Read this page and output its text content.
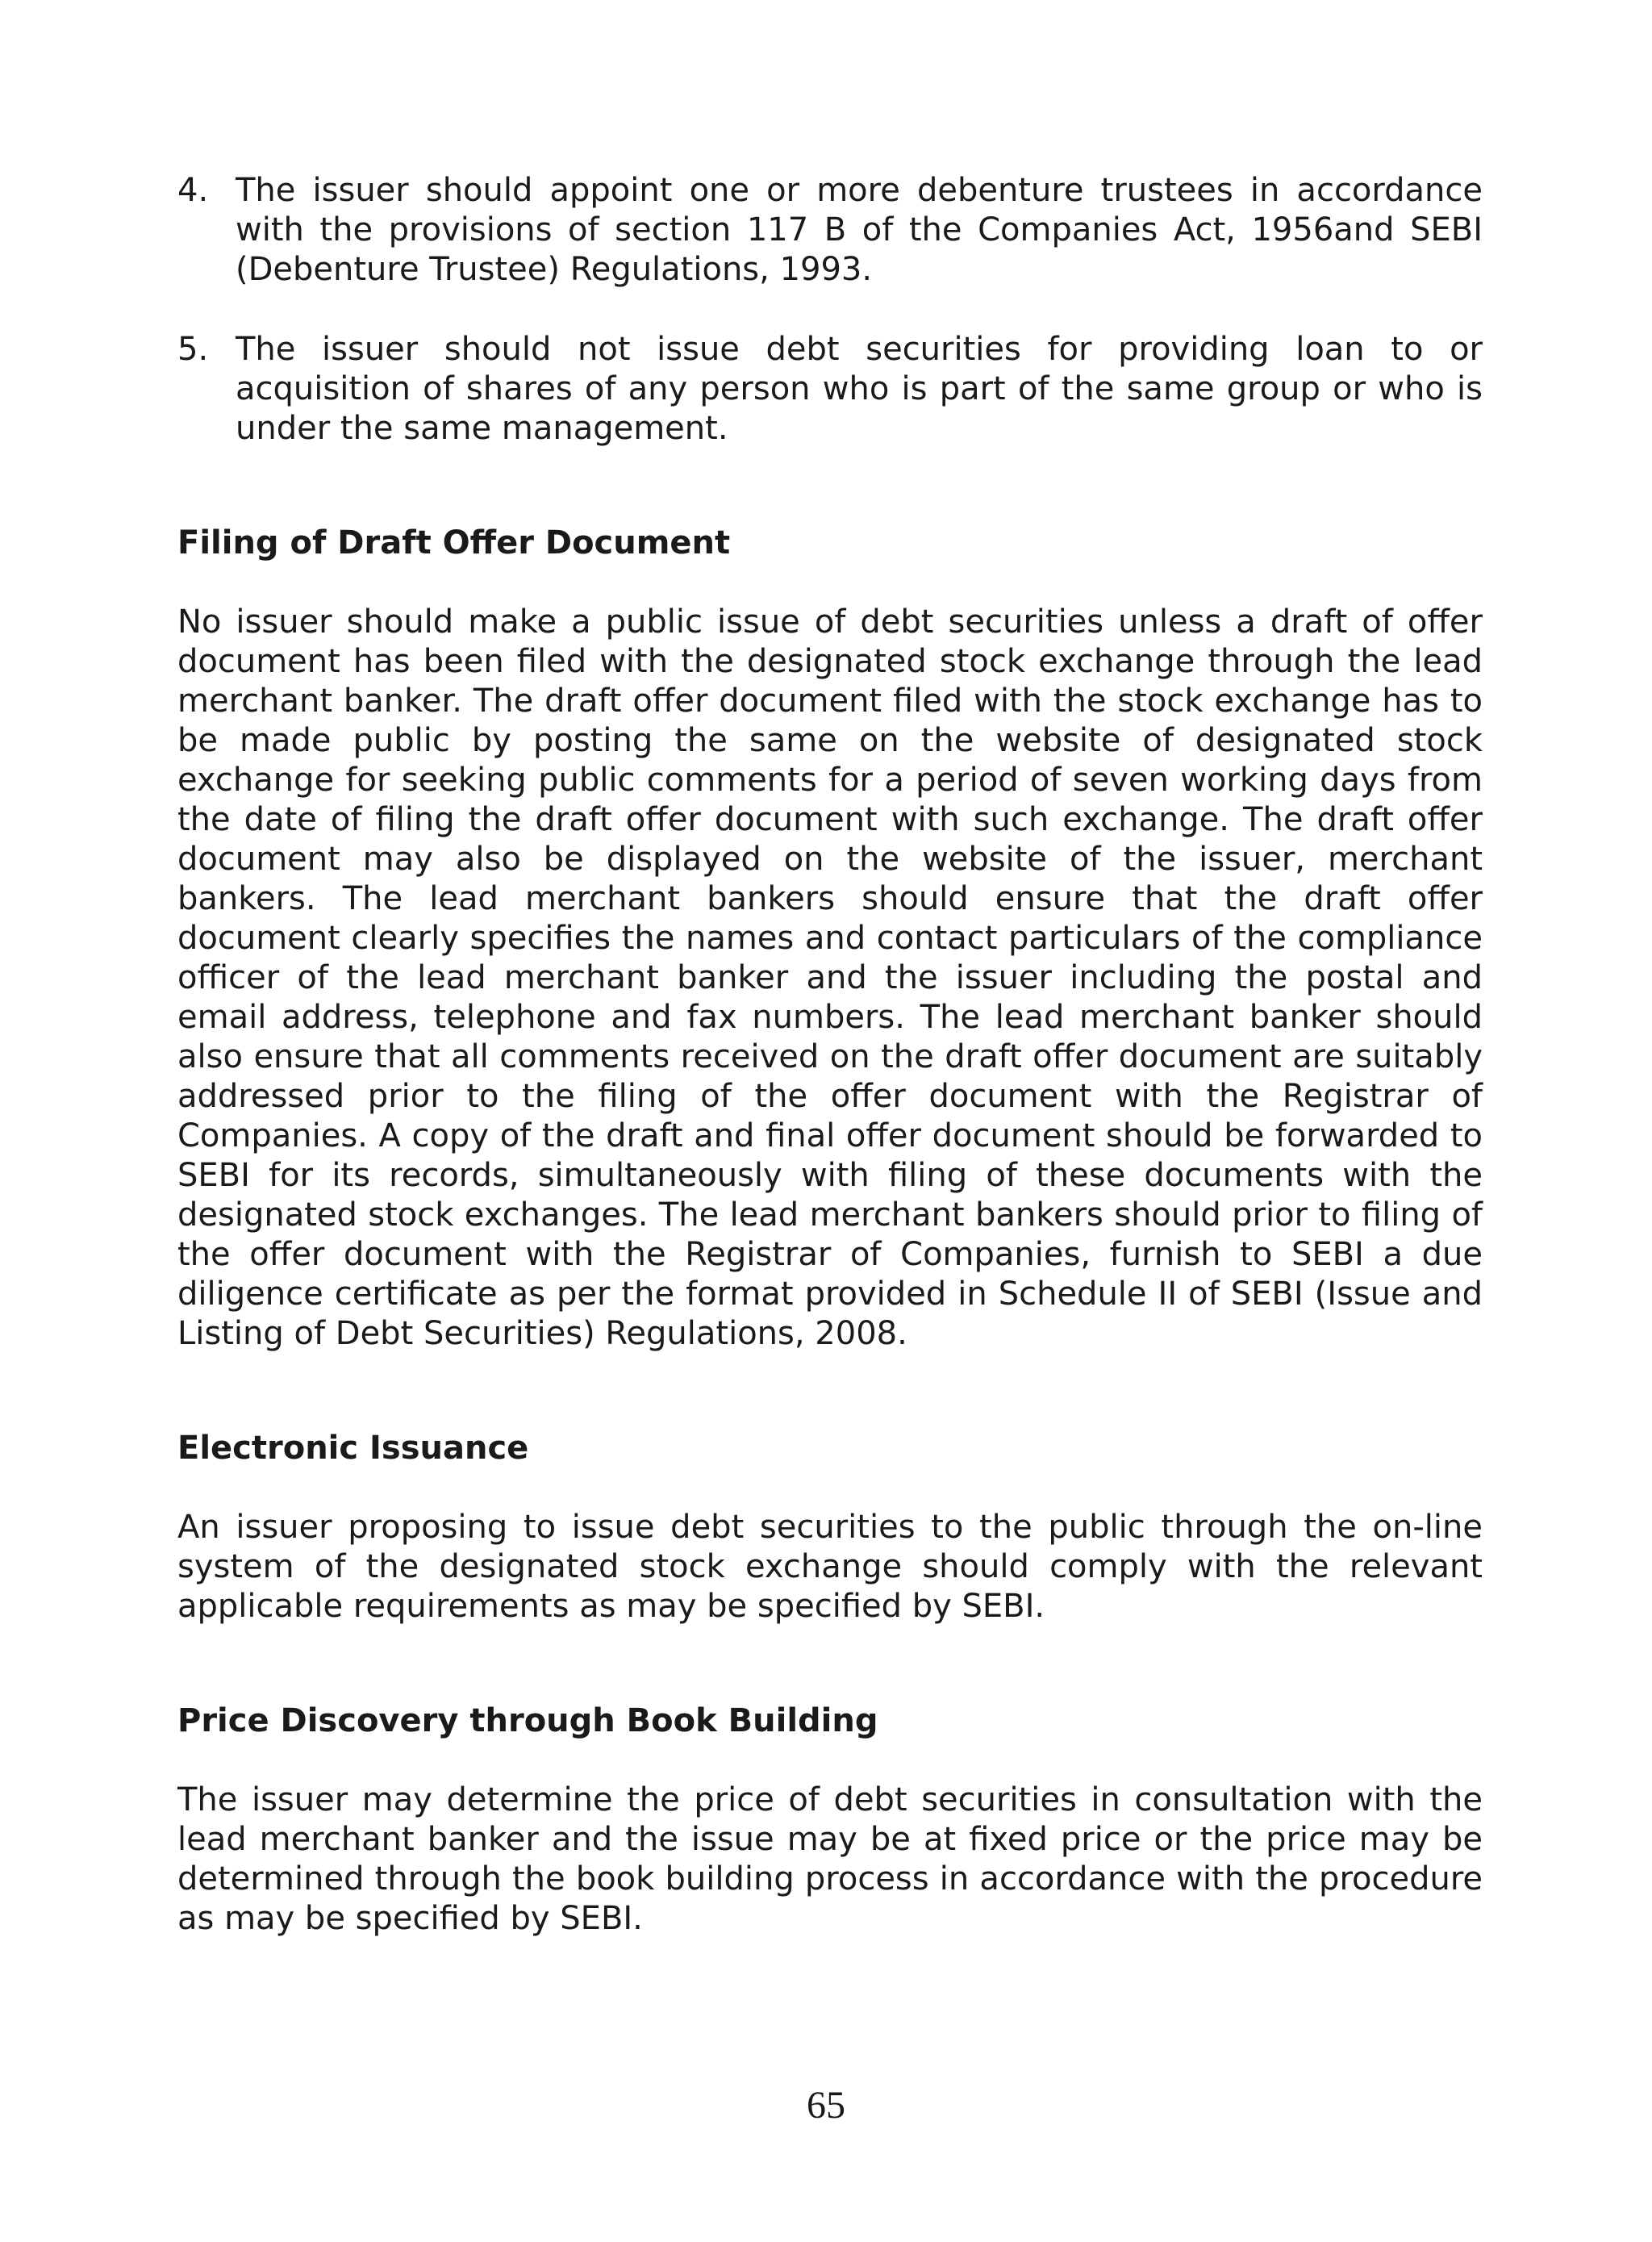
4. The issuer should appoint one or more debenture trustees in accordance with the provisions of section 117 B of the Companies Act, 1956and SEBI (Debenture Trustee) Regulations, 1993.
5. The issuer should not issue debt securities for providing loan to or acquisition of shares of any person who is part of the same group or who is under the same management.
Filing of Draft Offer Document

No issuer should make a public issue of debt securities unless a draft of offer document has been filed with the designated stock exchange through the lead merchant banker. The draft offer document filed with the stock exchange has to be made public by posting the same on the website of designated stock exchange for seeking public comments for a period of seven working days from the date of filing the draft offer document with such exchange. The draft offer document may also be displayed on the website of the issuer, merchant bankers. The lead merchant bankers should ensure that the draft offer document clearly specifies the names and contact particulars of the compliance officer of the lead merchant banker and the issuer including the postal and email address, telephone and fax numbers. The lead merchant banker should also ensure that all comments received on the draft offer document are suitably addressed prior to the filing of the offer document with the Registrar of Companies. A copy of the draft and final offer document should be forwarded to SEBI for its records, simultaneously with filing of these documents with the designated stock exchanges. The lead merchant bankers should prior to filing of the offer document with the Registrar of Companies, furnish to SEBI a due diligence certificate as per the format provided in Schedule II of SEBI (Issue and Listing of Debt Securities) Regulations, 2008.

Electronic Issuance

An issuer proposing to issue debt securities to the public through the on-line system of the designated stock exchange should comply with the relevant applicable requirements as may be specified by SEBI.

Price Discovery through Book Building

The issuer may determine the price of debt securities in consultation with the lead merchant banker and the issue may be at fixed price or the price may be determined through the book building process in accordance with the procedure as may be specified by SEBI.

65
